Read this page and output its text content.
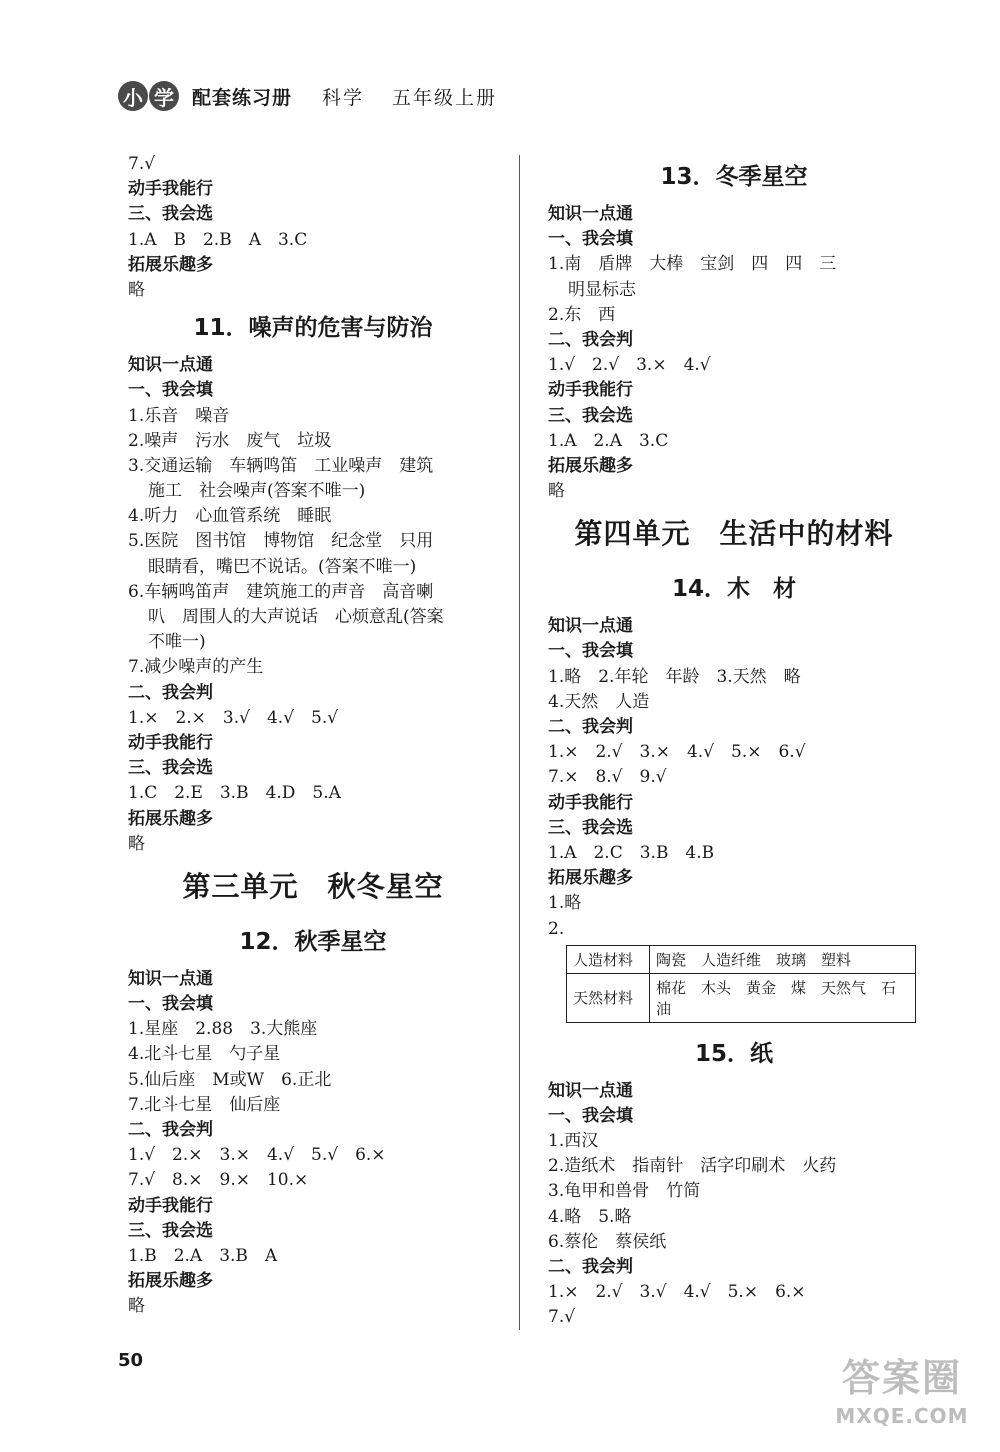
小 学 配套练习册 科学 五年级上册
7.√
动手我能行
三、我会选
1.A　B　2.B　A　3.C
拓展乐趣多
略
11．噪声的危害与防治
知识一点通
一、我会填
1.乐音　噪音
2.噪声　污水　废气　垃圾
3.交通运输　车辆鸣笛　工业噪声　建筑
施工　社会噪声(答案不唯一)
4.听力　心血管系统　睡眠
5.医院　图书馆　博物馆　纪念堂　只用
眼睛看，嘴巴不说话。(答案不唯一)
6.车辆鸣笛声　建筑施工的声音　高音喇
叭　周围人的大声说话　心烦意乱(答案
不唯一)
7.减少噪声的产生
二、我会判
1.×　2.×　3.√　4.√　5.√
动手我能行
三、我会选
1.C　2.E　3.B　4.D　5.A
拓展乐趣多
略
第三单元　秋冬星空
12．秋季星空
知识一点通
一、我会填
1.星座　2.88　3.大熊座
4.北斗七星　勺子星
5.仙后座　M或W　6.正北
7.北斗七星　仙后座
二、我会判
1.√　2.×　3.×　4.√　5.√　6.×
7.√　8.×　9.×　10.×
动手我能行
三、我会选
1.B　2.A　3.B　A
拓展乐趣多
略
13．冬季星空
知识一点通
一、我会填
1.南　盾牌　大棒　宝剑　四　四　三
明显标志
2.东　西
二、我会判
1.√　2.√　3.×　4.√
动手我能行
三、我会选
1.A　2.A　3.C
拓展乐趣多
略
第四单元　生活中的材料
14．木　材
知识一点通
一、我会填
1.略　2.年轮　年龄　3.天然　略
4.天然　人造
二、我会判
1.×　2.√　3.×　4.√　5.×　6.√
7.×　8.√　9.√
动手我能行
三、我会选
1.A　2.C　3.B　4.B
拓展乐趣多
1.略
2.
人造材料	陶瓷　人造纤维　玻璃　塑料
天然材料	棉花　木头　黄金　煤　天然气　石油
15．纸
知识一点通
一、我会填
1.西汉
2.造纸术　指南针　活字印刷术　火药
3.龟甲和兽骨　竹简
4.略　5.略
6.蔡伦　蔡侯纸
二、我会判
1.×　2.√　3.√　4.√　5.×　6.×
7.√
50	答案圈
MXQE.COM
